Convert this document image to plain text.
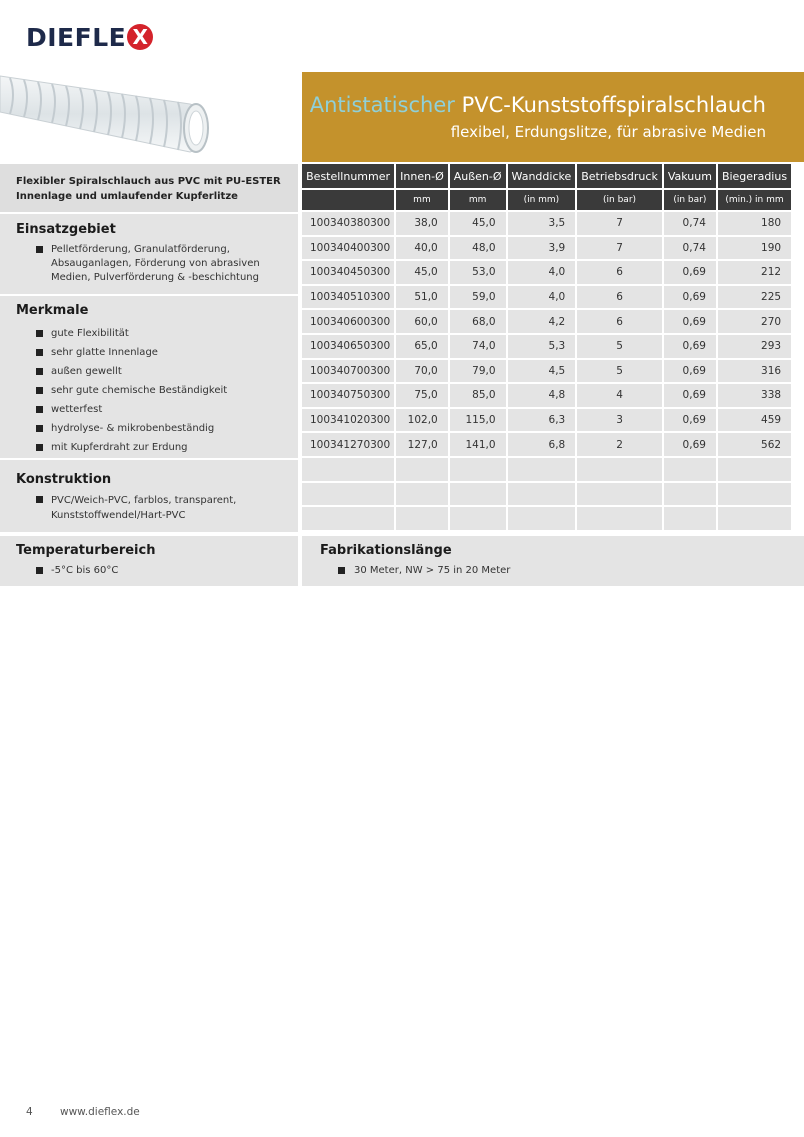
DIEFLE X
Antistatischer PVC-Kunststoffspiralschlauch
flexibel, Erdungslitze, für abrasive Medien
Flexibler Spiralschlauch aus PVC mit PU-ESTER
Innenlage und umlaufender Kupferlitze
Einsatzgebiet
Pelletförderung, Granulatförderung, Absauganlagen, Förderung von abrasiven Medien, Pulverförderung & -beschichtung
Merkmale
gute Flexibilität
sehr glatte Innenlage
außen gewellt
sehr gute chemische Beständigkeit
wetterfest
hydrolyse- & mikrobenbeständig
mit Kupferdraht zur Erdung
Konstruktion
PVC/Weich-PVC, farblos, transparent, Kunststoffwendel/Hart-PVC
Temperaturbereich
-5°C bis 60°C
Fabrikationslänge
30 Meter, NW > 75 in 20 Meter
Bestellnummer	Innen-Ø	Außen-Ø	Wanddicke	Betriebsdruck	Vakuum	Biegeradius
	mm	mm	(in mm)	(in bar)	(in bar)	(min.) in mm
100340380300	38,0	45,0	3,5	7	0,74	180
100340400300	40,0	48,0	3,9	7	0,74	190
100340450300	45,0	53,0	4,0	6	0,69	212
100340510300	51,0	59,0	4,0	6	0,69	225
100340600300	60,0	68,0	4,2	6	0,69	270
100340650300	65,0	74,0	5,3	5	0,69	293
100340700300	70,0	79,0	4,5	5	0,69	316
100340750300	75,0	85,0	4,8	4	0,69	338
100341020300	102,0	115,0	6,3	3	0,69	459
100341270300	127,0	141,0	6,8	2	0,69	562

4	www.dieflex.de
